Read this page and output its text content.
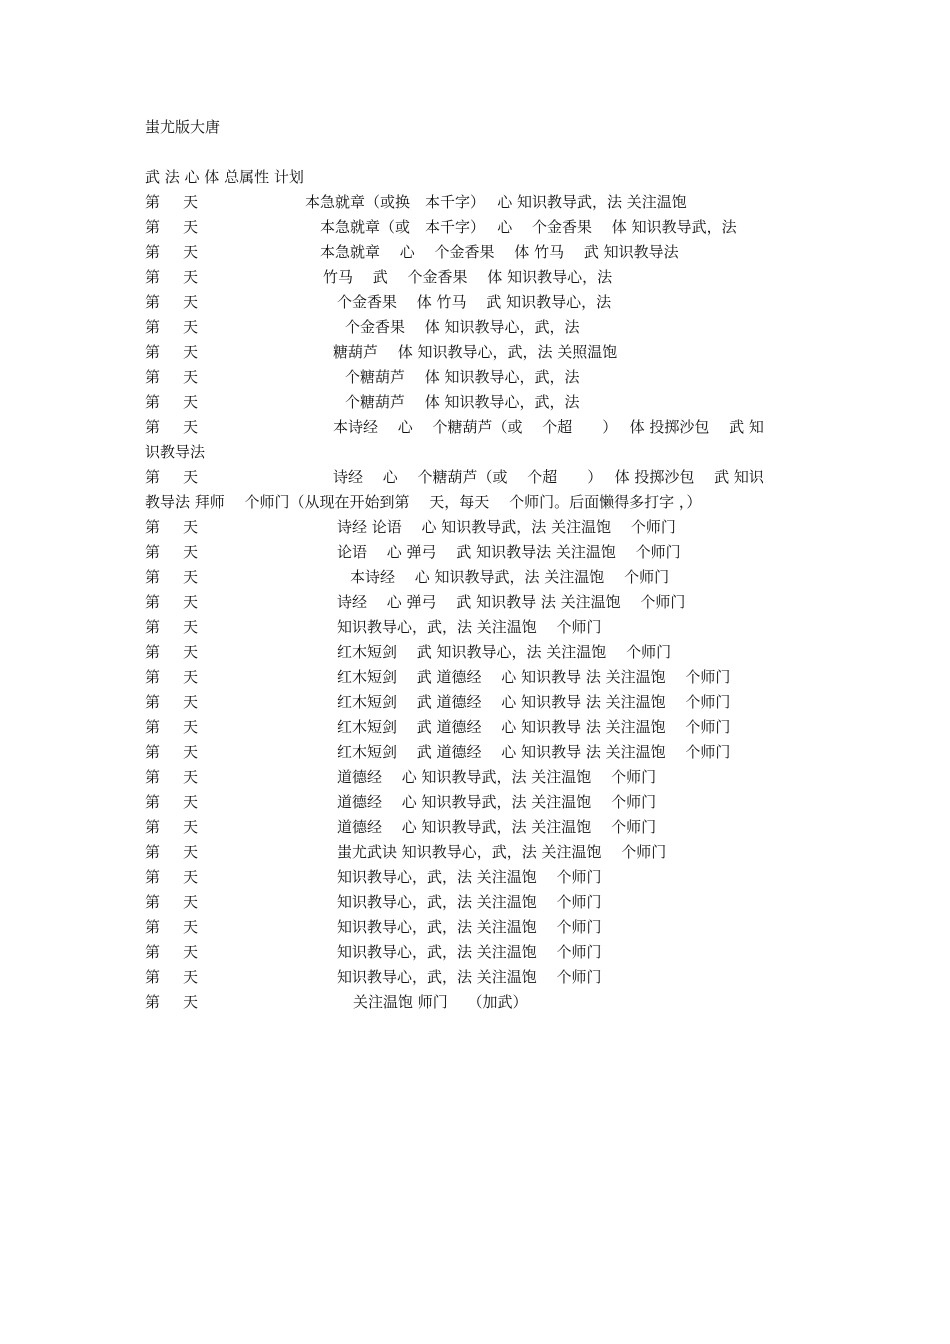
蚩尤版大唐
武 法 心 体 总属性 计划
第 天	本急就章（或换　本千字）　 心 知识教导武，法 关注温饱
第 天	本急就章（或　本千字）　 心　 个金香果　 体 知识教导武，法
第 天	本急就章　 心　 个金香果　 体 竹马　 武 知识教导法
第 天	竹马　 武　 个金香果　 体 知识教导心，法
第 天	个金香果　 体 竹马　 武 知识教导心，法
第 天	个金香果　 体 知识教导心，武，法
第 天	糖葫芦　 体 知识教导心，武，法 关照温饱
第 天	个糖葫芦　 体 知识教导心，武，法
第 天	个糖葫芦　 体 知识教导心，武，法
第 天	本诗经　 心　 个糖葫芦（或　 个超　　）　 体 投掷沙包　 武 知
识教导法
第 天	诗经　 心　 个糖葫芦（或　 个超　　）　 体 投掷沙包　 武 知识
教导法 拜师　 个师门（从现在开始到第　 天，每天　 个师门。后面懒得多打字 ，）
第 天	诗经 论语　 心 知识教导武，法 关注温饱　 个师门
第 天	论语　 心 弹弓　 武 知识教导法 关注温饱　 个师门
第 天	本诗经　 心 知识教导武，法 关注温饱　 个师门
第 天	诗经　 心 弹弓　 武 知识教导 法 关注温饱　 个师门
第 天	知识教导心，武，法 关注温饱　 个师门
第 天	红木短剑　 武 知识教导心，法 关注温饱　 个师门
第 天	红木短剑　 武 道德经　 心 知识教导 法 关注温饱　 个师门
第 天	红木短剑　 武 道德经　 心 知识教导 法 关注温饱　 个师门
第 天	红木短剑　 武 道德经　 心 知识教导 法 关注温饱　 个师门
第 天	红木短剑　 武 道德经　 心 知识教导 法 关注温饱　 个师门
第 天	道德经　 心 知识教导武，法 关注温饱　 个师门
第 天	道德经　 心 知识教导武，法 关注温饱　 个师门
第 天	道德经　 心 知识教导武，法 关注温饱　 个师门
第 天	蚩尤武诀 知识教导心，武，法 关注温饱　 个师门
第 天	知识教导心，武，法 关注温饱　 个师门
第 天	知识教导心，武，法 关注温饱　 个师门
第 天	知识教导心，武，法 关注温饱　 个师门
第 天	知识教导心，武，法 关注温饱　 个师门
第 天	知识教导心，武，法 关注温饱　 个师门
第 天	关注温饱 师门　 （加武）
